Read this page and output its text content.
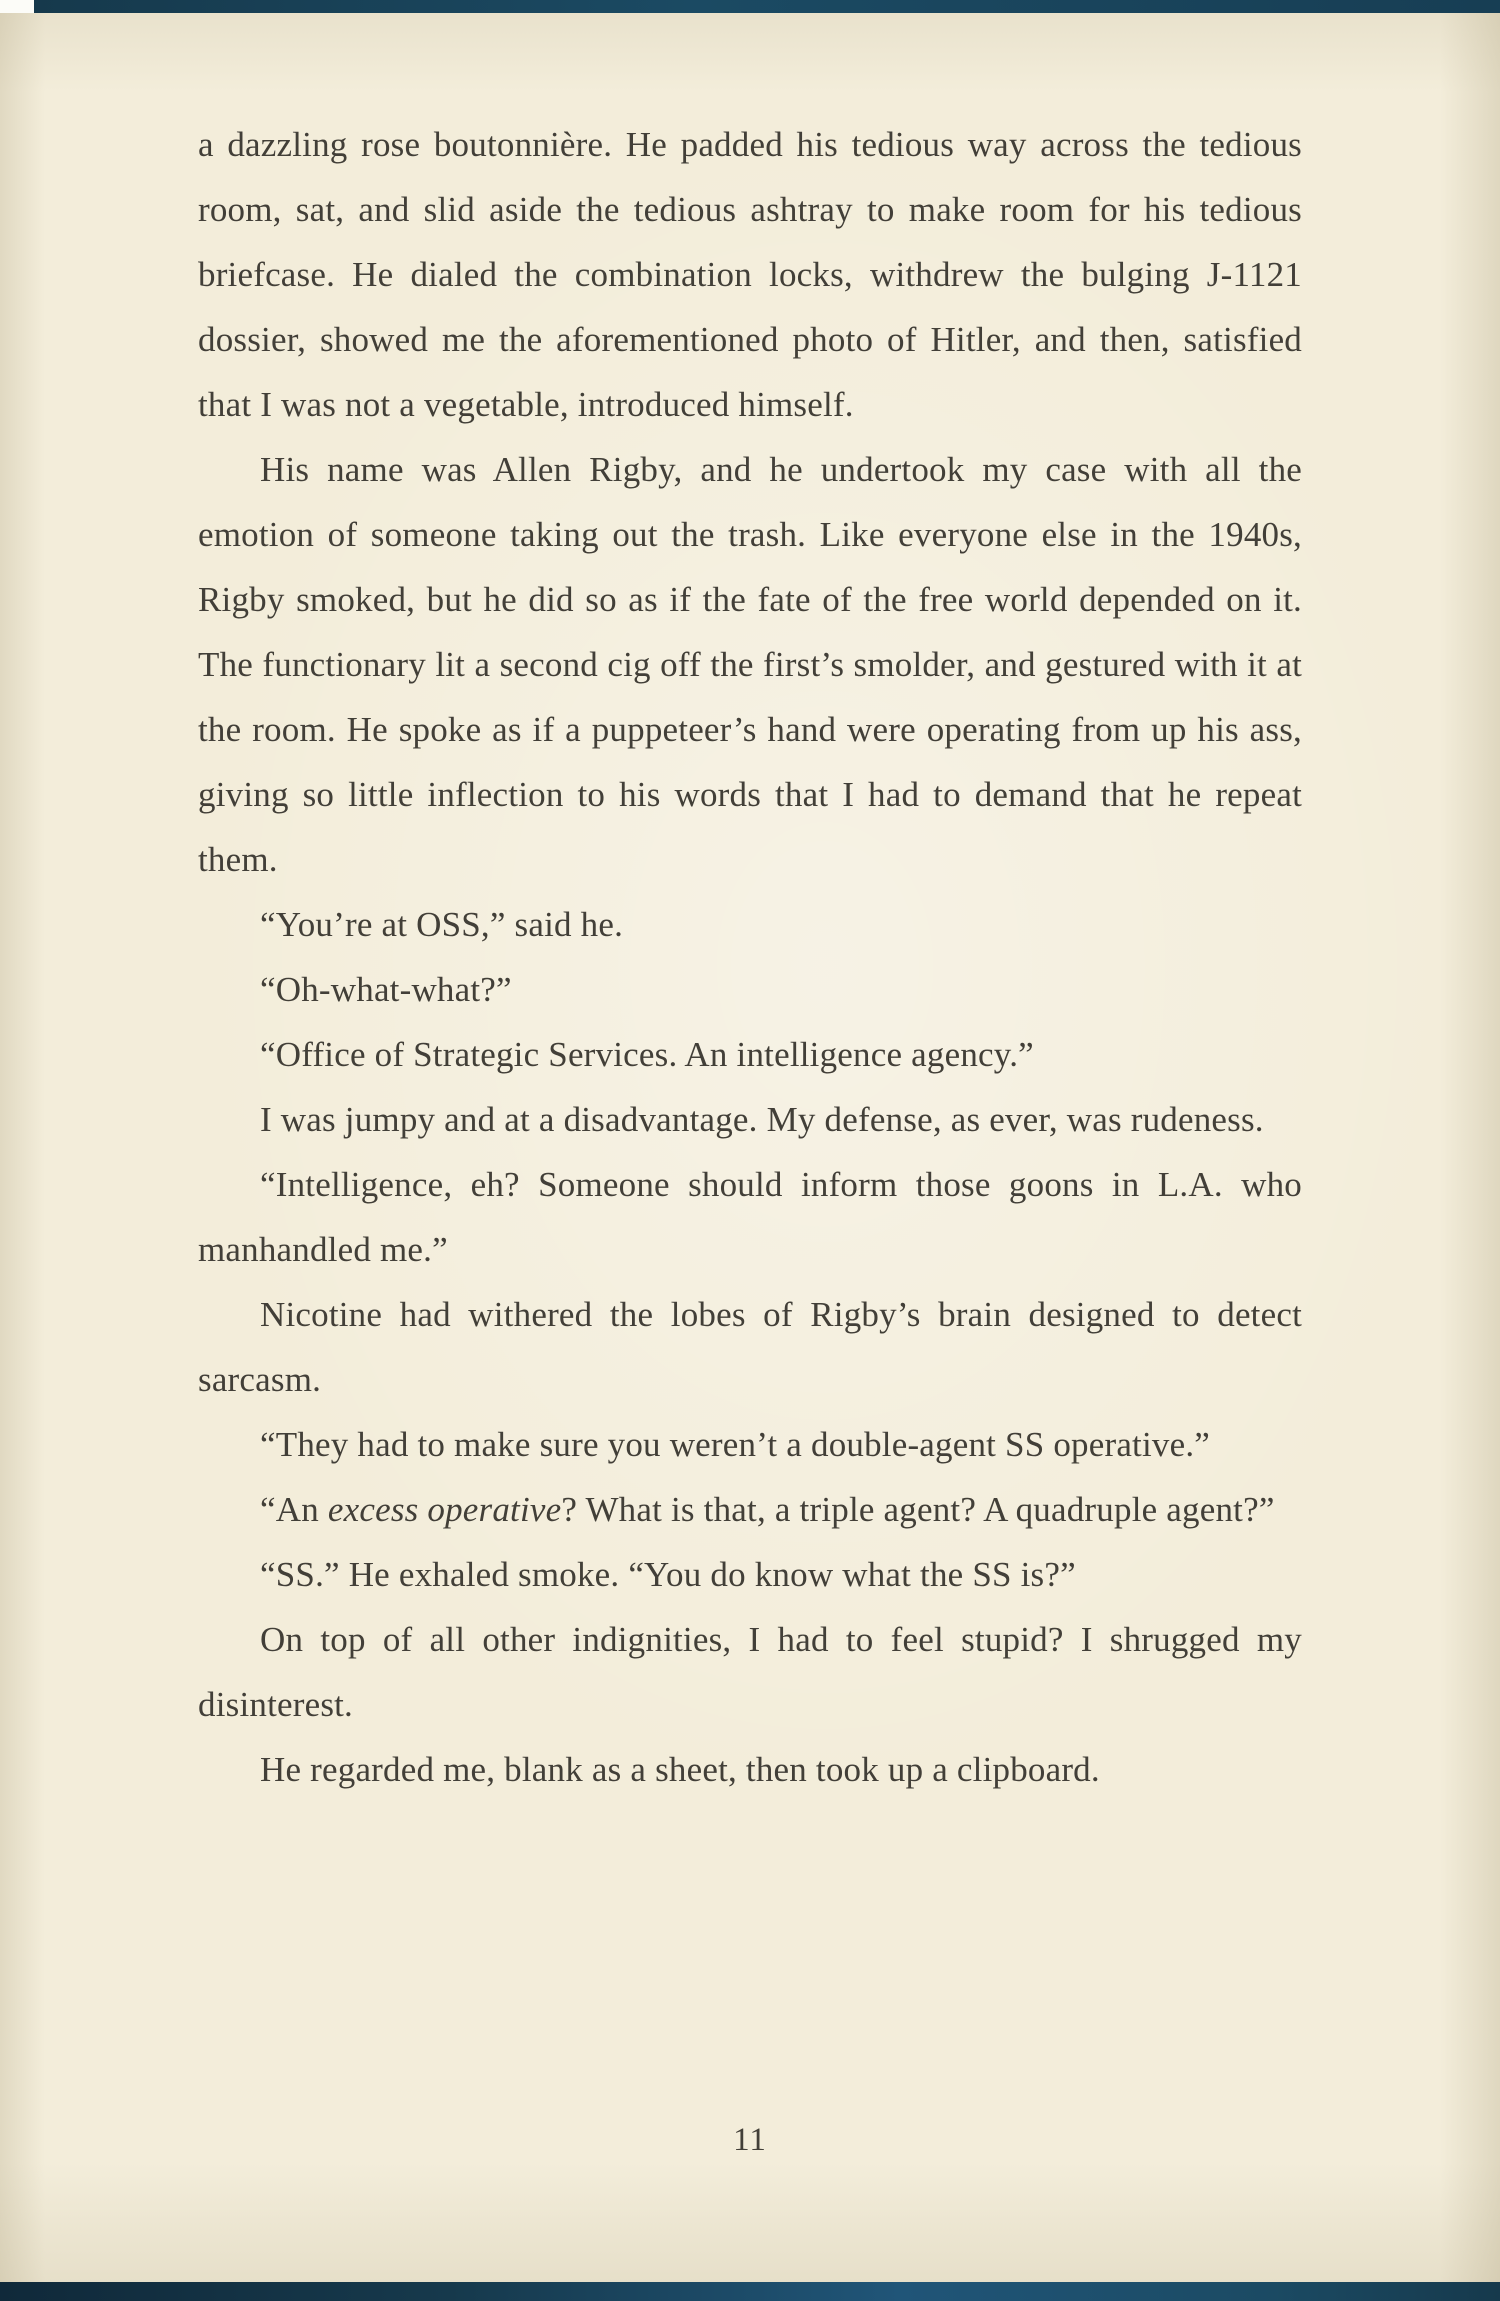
a dazzling rose boutonnière. He padded his tedious way across the tedious room, sat, and slid aside the tedious ashtray to make room for his tedious briefcase. He dialed the combination locks, withdrew the bulging J-1121 dossier, showed me the aforementioned photo of Hitler, and then, satisfied that I was not a vegetable, introduced himself.

His name was Allen Rigby, and he undertook my case with all the emotion of someone taking out the trash. Like everyone else in the 1940s, Rigby smoked, but he did so as if the fate of the free world depended on it. The functionary lit a second cig off the first’s smolder, and gestured with it at the room. He spoke as if a puppeteer’s hand were operating from up his ass, giving so little inflection to his words that I had to demand that he repeat them.

“You’re at OSS,” said he.

“Oh-what-what?”

“Office of Strategic Services. An intelligence agency.”

I was jumpy and at a disadvantage. My defense, as ever, was rudeness.

“Intelligence, eh? Someone should inform those goons in L.A. who manhandled me.”

Nicotine had withered the lobes of Rigby’s brain designed to detect sarcasm.

“They had to make sure you weren’t a double-agent SS operative.”

“An excess operative? What is that, a triple agent? A quadruple agent?”

“SS.” He exhaled smoke. “You do know what the SS is?”

On top of all other indignities, I had to feel stupid? I shrugged my disinterest.

He regarded me, blank as a sheet, then took up a clipboard.

11
